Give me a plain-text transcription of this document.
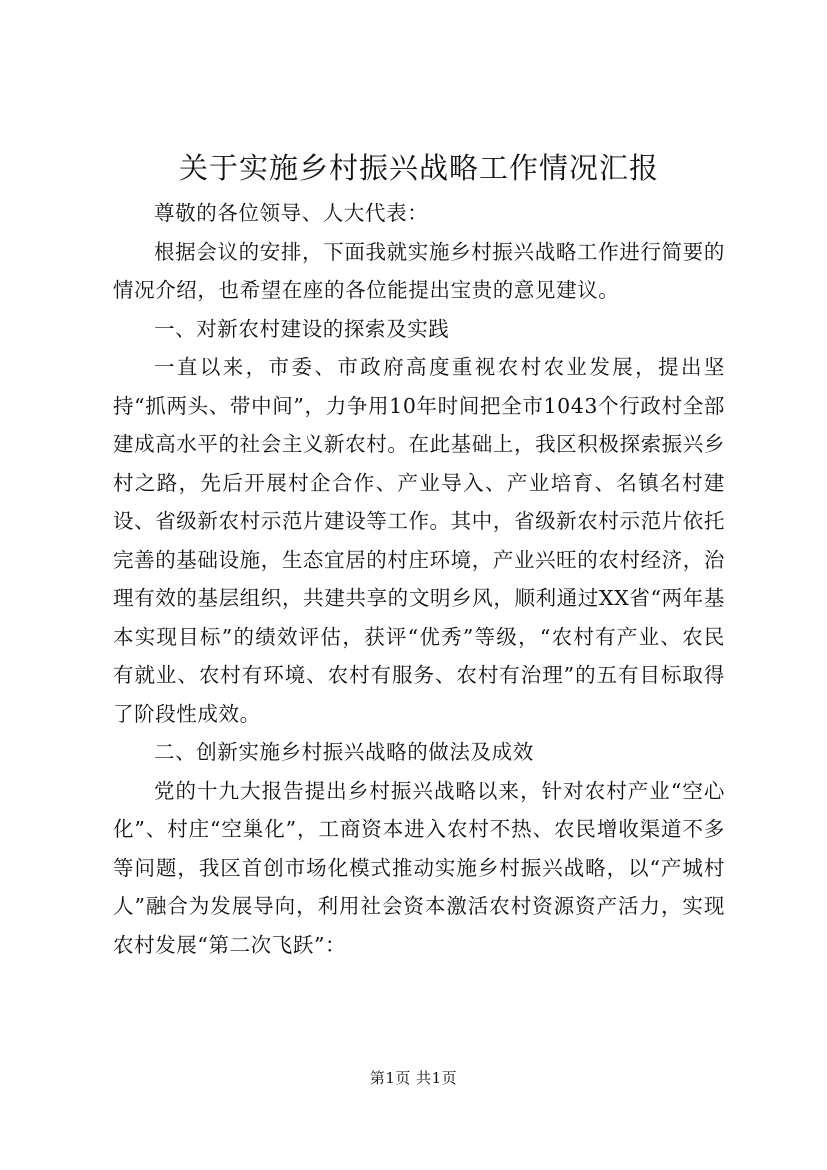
关于实施乡村振兴战略工作情况汇报

尊敬的各位领导、人大代表：

根据会议的安排，下面我就实施乡村振兴战略工作进行简要的情况介绍，也希望在座的各位能提出宝贵的意见建议。

一、对新农村建设的探索及实践

一直以来，市委、市政府高度重视农村农业发展，提出坚持“抓两头、带中间”，力争用10年时间把全市1043个行政村全部建成高水平的社会主义新农村。在此基础上，我区积极探索振兴乡村之路，先后开展村企合作、产业导入、产业培育、名镇名村建设、省级新农村示范片建设等工作。其中，省级新农村示范片依托完善的基础设施，生态宜居的村庄环境，产业兴旺的农村经济，治理有效的基层组织，共建共享的文明乡风，顺利通过XX省“两年基本实现目标”的绩效评估，获评“优秀”等级，“农村有产业、农民有就业、农村有环境、农村有服务、农村有治理”的五有目标取得了阶段性成效。

二、创新实施乡村振兴战略的做法及成效

党的十九大报告提出乡村振兴战略以来，针对农村产业“空心化”、村庄“空巢化”，工商资本进入农村不热、农民增收渠道不多等问题，我区首创市场化模式推动实施乡村振兴战略，以“产城村人”融合为发展导向，利用社会资本激活农村资源资产活力，实现农村发展“第二次飞跃”：

第1页 共1页
